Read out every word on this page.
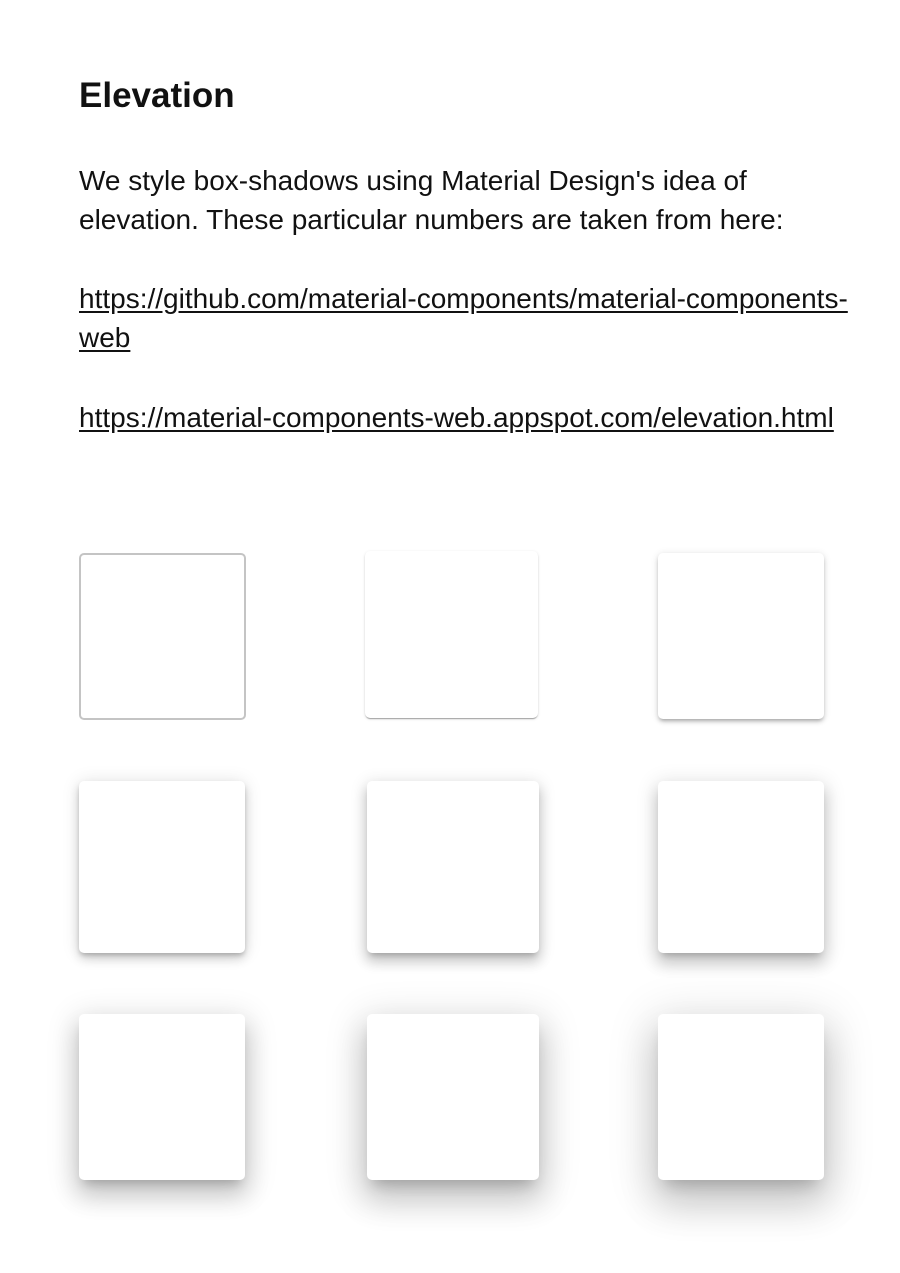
Elevation

We style box-shadows using Material Design's idea of elevation. These particular numbers are taken from here:

https://github.com/material-components/material-components-web
https://material-components-web.appspot.com/elevation.html
